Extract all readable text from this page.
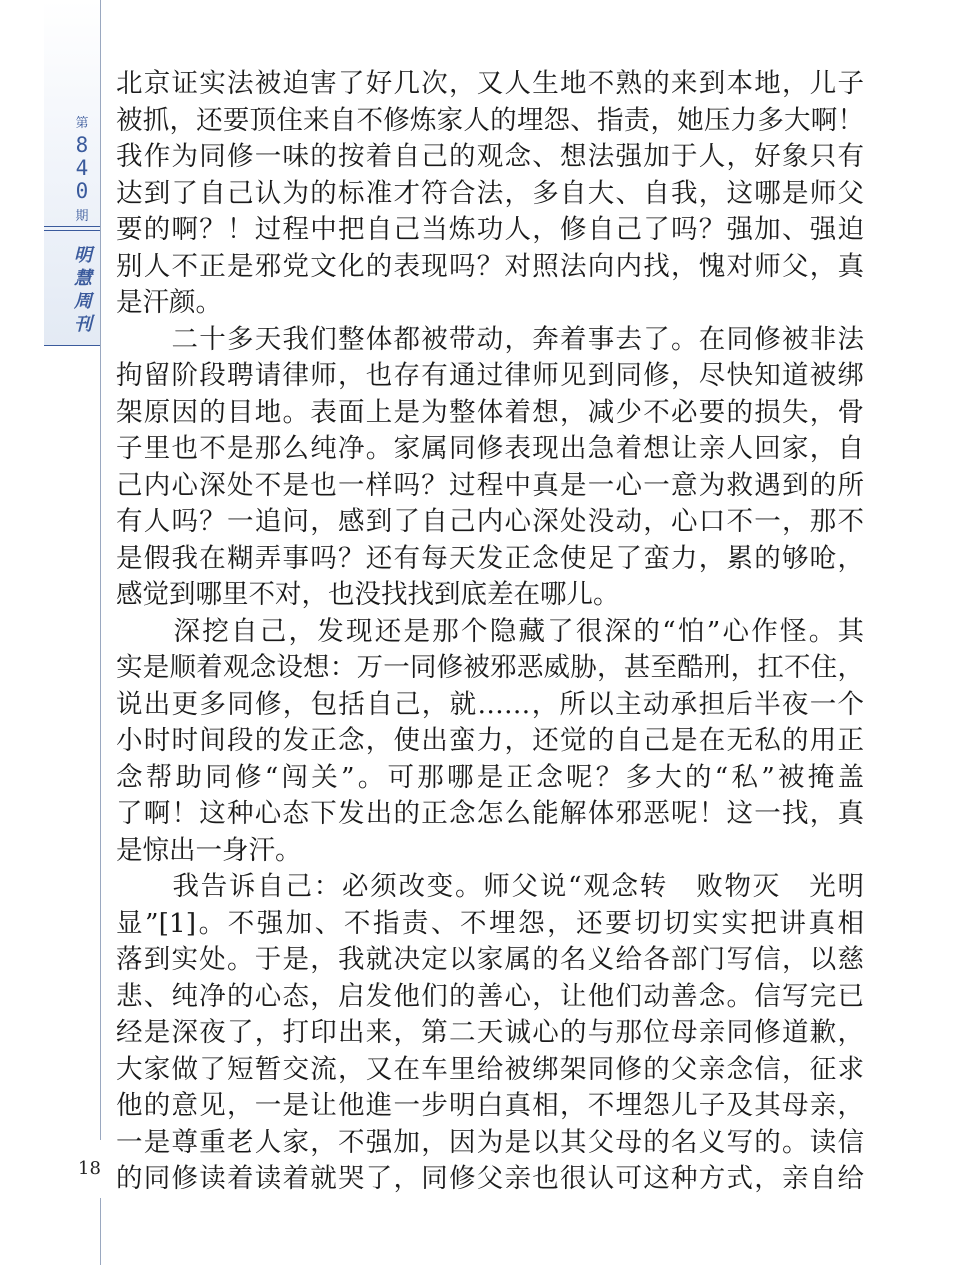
第
8
4
0
期
明
慧
周
刊
18
北京证实法被迫害了好几次，又人生地不熟的来到本地，儿子
被抓，还要顶住来自不修炼家人的埋怨、指责，她压力多大啊！
我作为同修一味的按着自己的观念、想法强加于人，好象只有
达到了自己认为的标准才符合法，多自大、自我，这哪是师父
要的啊？！过程中把自己当炼功人，修自己了吗？强加、强迫
别人不正是邪党文化的表现吗？对照法向内找，愧对师父，真
是汗颜。
　　二十多天我们整体都被带动，奔着事去了。在同修被非法
拘留阶段聘请律师，也存有通过律师见到同修，尽快知道被绑
架原因的目地。表面上是为整体着想，减少不必要的损失，骨
子里也不是那么纯净。家属同修表现出急着想让亲人回家，自
己内心深处不是也一样吗？过程中真是一心一意为救遇到的所
有人吗？一追问，感到了自己内心深处没动，心口不一，那不
是假我在糊弄事吗？还有每天发正念使足了蛮力，累的够呛，
感觉到哪里不对，也没找找到底差在哪儿。
　　深挖自己，发现还是那个隐藏了很深的“怕”心作怪。其
实是顺着观念设想：万一同修被邪恶威胁，甚至酷刑，扛不住，
说出更多同修，包括自己，就……，所以主动承担后半夜一个
小时时间段的发正念，使出蛮力，还觉的自己是在无私的用正
念帮助同修“闯关”。可那哪是正念呢？多大的“私”被掩盖
了啊！这种心态下发出的正念怎么能解体邪恶呢！这一找，真
是惊出一身汗。
　　我告诉自己：必须改变。师父说“观念转　败物灭　光明
显”[1]。不强加、不指责、不埋怨，还要切切实实把讲真相
落到实处。于是，我就决定以家属的名义给各部门写信，以慈
悲、纯净的心态，启发他们的善心，让他们动善念。信写完已
经是深夜了，打印出来，第二天诚心的与那位母亲同修道歉，
大家做了短暂交流，又在车里给被绑架同修的父亲念信，征求
他的意见，一是让他進一步明白真相，不埋怨儿子及其母亲，
一是尊重老人家，不强加，因为是以其父母的名义写的。读信
的同修读着读着就哭了，同修父亲也很认可这种方式，亲自给
